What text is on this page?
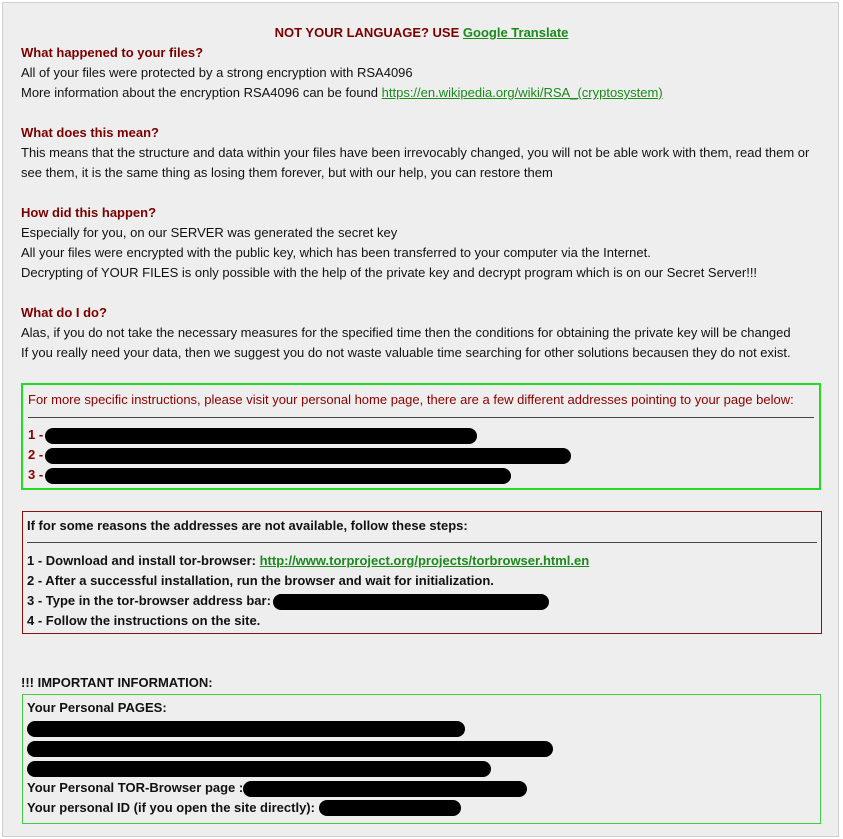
NOT YOUR LANGUAGE? USE Google Translate
What happened to your files?
All of your files were protected by a strong encryption with RSA4096
More information about the encryption RSA4096 can be found https://en.wikipedia.org/wiki/RSA_(cryptosystem)
What does this mean?
This means that the structure and data within your files have been irrevocably changed, you will not be able work with them, read them or
see them, it is the same thing as losing them forever, but with our help, you can restore them
How did this happen?
Especially for you, on our SERVER was generated the secret key
All your files were encrypted with the public key, which has been transferred to your computer via the Internet.
Decrypting of YOUR FILES is only possible with the help of the private key and decrypt program which is on our Secret Server!!!
What do I do?
Alas, if you do not take the necessary measures for the specified time then the conditions for obtaining the private key will be changed
If you really need your data, then we suggest you do not waste valuable time searching for other solutions becausen they do not exist.
For more specific instructions, please visit your personal home page, there are a few different addresses pointing to your page below:
1 -
2 -
3 -
If for some reasons the addresses are not available, follow these steps:
1 - Download and install tor-browser: http://www.torproject.org/projects/torbrowser.html.en
2 - After a successful installation, run the browser and wait for initialization.
3 - Type in the tor-browser address bar:
4 - Follow the instructions on the site.
!!! IMPORTANT INFORMATION:
Your Personal PAGES:
Your Personal TOR-Browser page :
Your personal ID (if you open the site directly):
